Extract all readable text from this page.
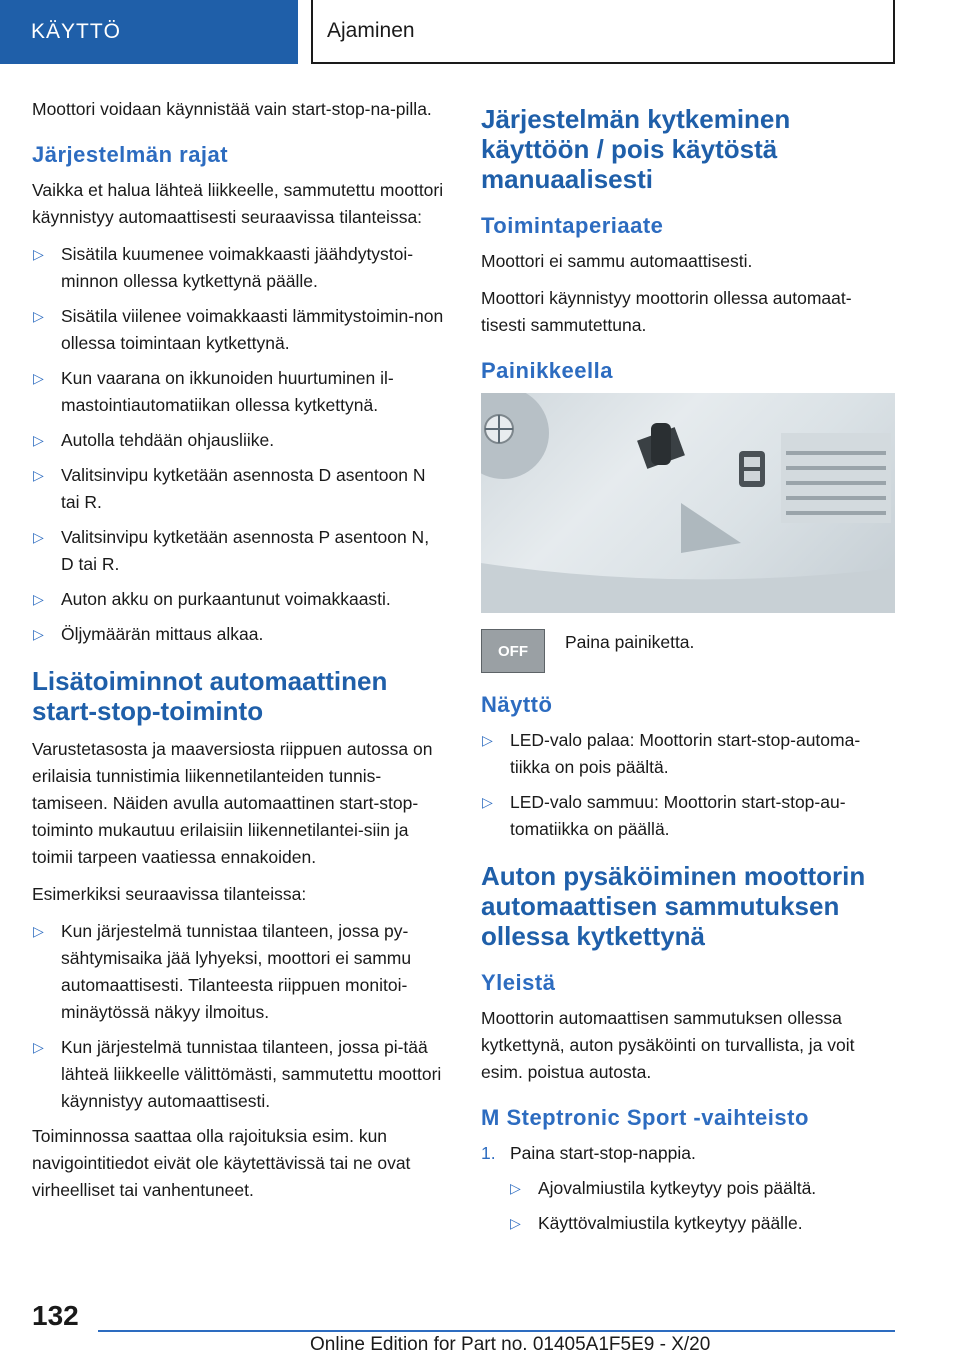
KÄYTTÖ	Ajaminen

Moottori voidaan käynnistää vain start-stop-na-pilla.

Järjestelmän rajat

Vaikka et halua lähteä liikkeelle, sammutettu moottori käynnistyy automaattisesti seuraavissa tilanteissa:

▷ Sisätila kuumenee voimakkaasti jäähdytystoi-minnon ollessa kytkettynä päälle.
▷ Sisätila viilenee voimakkaasti lämmitystoimin-non ollessa toimintaan kytkettynä.
▷ Kun vaarana on ikkunoiden huurtuminen il-mastointiautomatiikan ollessa kytkettynä.
▷ Autolla tehdään ohjausliike.
▷ Valitsinvipu kytketään asennosta D asentoon N tai R.
▷ Valitsinvipu kytketään asennosta P asentoon N, D tai R.
▷ Auton akku on purkaantunut voimakkaasti.
▷ Öljymäärän mittaus alkaa.
Lisätoiminnot automaattinen start-stop-toiminto

Varustetasosta ja maaversiosta riippuen autossa on erilaisia tunnistimia liikennetilanteiden tunnis-tamiseen. Näiden avulla automaattinen start-stop-toiminto mukautuu erilaisiin liikennetilantei-siin ja toimii tarpeen vaatiessa ennakoiden.

Esimerkiksi seuraavissa tilanteissa:

▷ Kun järjestelmä tunnistaa tilanteen, jossa py-sähtymisaika jää lyhyeksi, moottori ei sammu automaattisesti. Tilanteesta riippuen monitoi-minäytössä näkyy ilmoitus.
▷ Kun järjestelmä tunnistaa tilanteen, jossa pi-tää lähteä liikkeelle välittömästi, sammutettu moottori käynnistyy automaattisesti.

Toiminnossa saattaa olla rajoituksia esim. kun navigointitiedot eivät ole käytettävissä tai ne ovat virheelliset tai vanhentuneet.

Järjestelmän kytkeminen käyttöön / pois käytöstä manuaalisesti
Toimintaperiaate

Moottori ei sammu automaattisesti.

Moottori käynnistyy moottorin ollessa automaat-tisesti sammutettuna.

Painikkeella
OFF Paina painiketta.

Näyttö
▷ LED-valo palaa: Moottorin start-stop-automa-tiikka on pois päältä.
▷ LED-valo sammuu: Moottorin start-stop-au-tomatiikka on päällä.
Auton pysäköiminen moottorin automaattisen sammutuksen ollessa kytkettynä
Yleistä

Moottorin automaattisen sammutuksen ollessa kytkettynä, auton pysäköinti on turvallista, ja voit esim. poistua autosta.

M Steptronic Sport -vaihteisto
1. Paina start-stop-nappia.
▷ Ajovalmiustila kytkeytyy pois päältä.
▷ Käyttövalmiustila kytkeytyy päälle.
132
Online Edition for Part no. 01405A1F5E9 - X/20
